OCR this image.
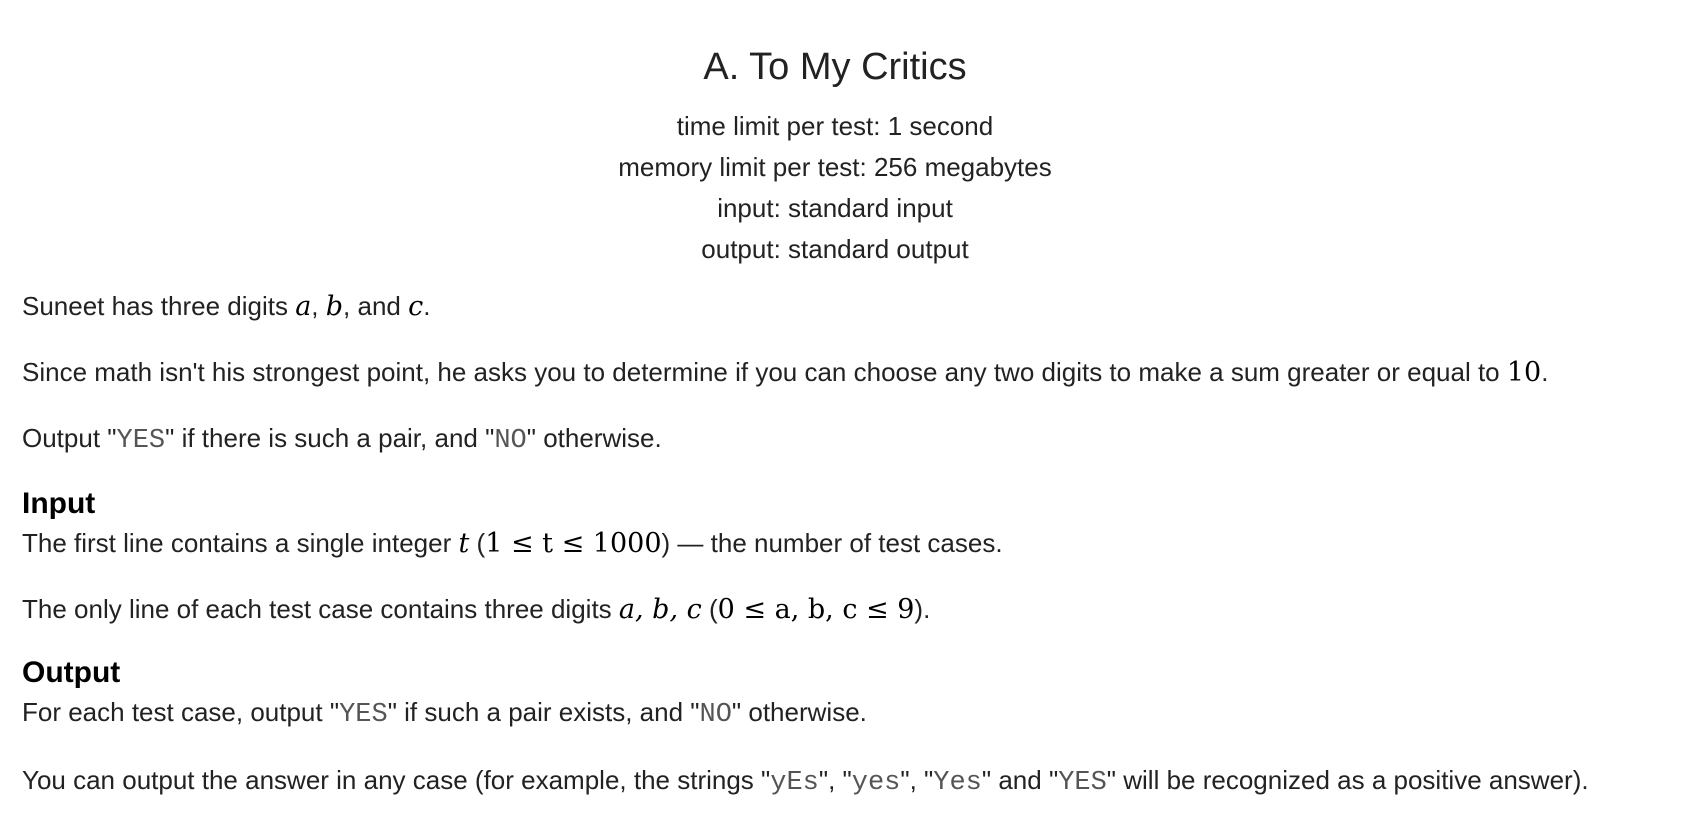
A. To My Critics
time limit per test: 1 second
memory limit per test: 256 megabytes
input: standard input
output: standard output

Suneet has three digits a, b, and c.

Since math isn't his strongest point, he asks you to determine if you can choose any two digits to make a sum greater or equal to 10.

Output "YES" if there is such a pair, and "NO" otherwise.

Input

The first line contains a single integer t (1 ≤ t ≤ 1000) — the number of test cases.

The only line of each test case contains three digits a, b, c (0 ≤ a, b, c ≤ 9).

Output

For each test case, output "YES" if such a pair exists, and "NO" otherwise.

You can output the answer in any case (for example, the strings "yEs", "yes", "Yes" and "YES" will be recognized as a positive answer).
